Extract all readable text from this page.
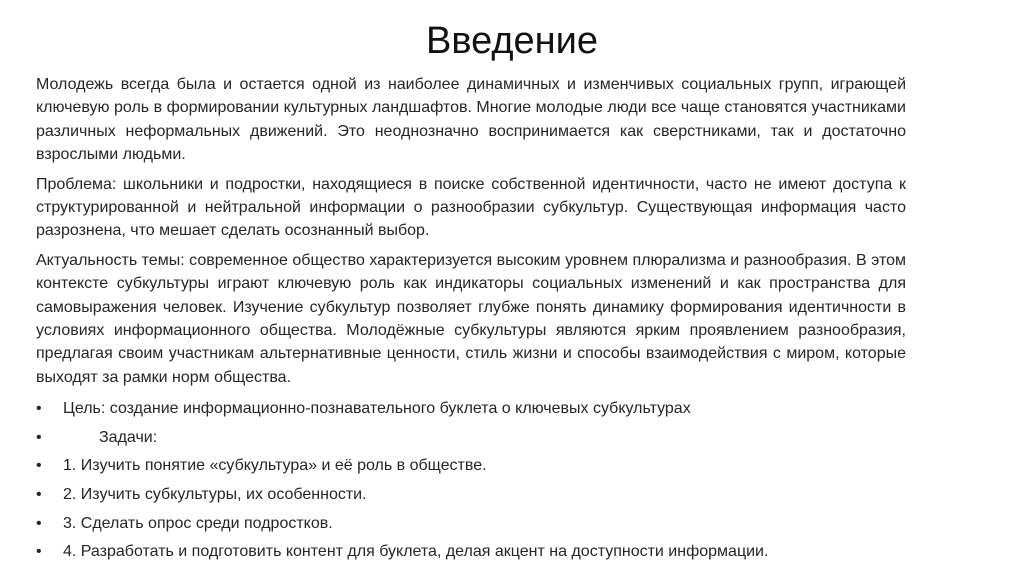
Введение

Молодежь всегда была и остается одной из наиболее динамичных и изменчивых социальных групп, играющей ключевую роль в формировании культурных ландшафтов. Многие молодые люди все чаще становятся участниками различных неформальных движений. Это неоднозначно воспринимается как сверстниками, так и достаточно взрослыми людьми.

Проблема: школьники и подростки, находящиеся в поиске собственной идентичности, часто не имеют доступа к структурированной и нейтральной информации о разнообразии субкультур. Существующая информация часто разрознена, что мешает сделать осознанный выбор.

Актуальность темы: современное общество характеризуется высоким уровнем плюрализма и разнообразия. В этом контексте субкультуры играют ключевую роль как индикаторы социальных изменений и как пространства для самовыражения человек. Изучение субкультур позволяет глубже понять динамику формирования идентичности в условиях информационного общества. Молодёжные субкультуры являются ярким проявлением разнообразия, предлагая своим участникам альтернативные ценности, стиль жизни и способы взаимодействия с миром, которые выходят за рамки норм общества.

• Цель: создание информационно-познавательного буклета о ключевых субкультурах
•	Задачи:
• 1. Изучить понятие «субкультура» и её роль в обществе.
• 2. Изучить субкультуры, их особенности.
• 3. Сделать опрос среди подростков.
• 4. Разработать и подготовить контент для буклета, делая акцент на доступности информации.
